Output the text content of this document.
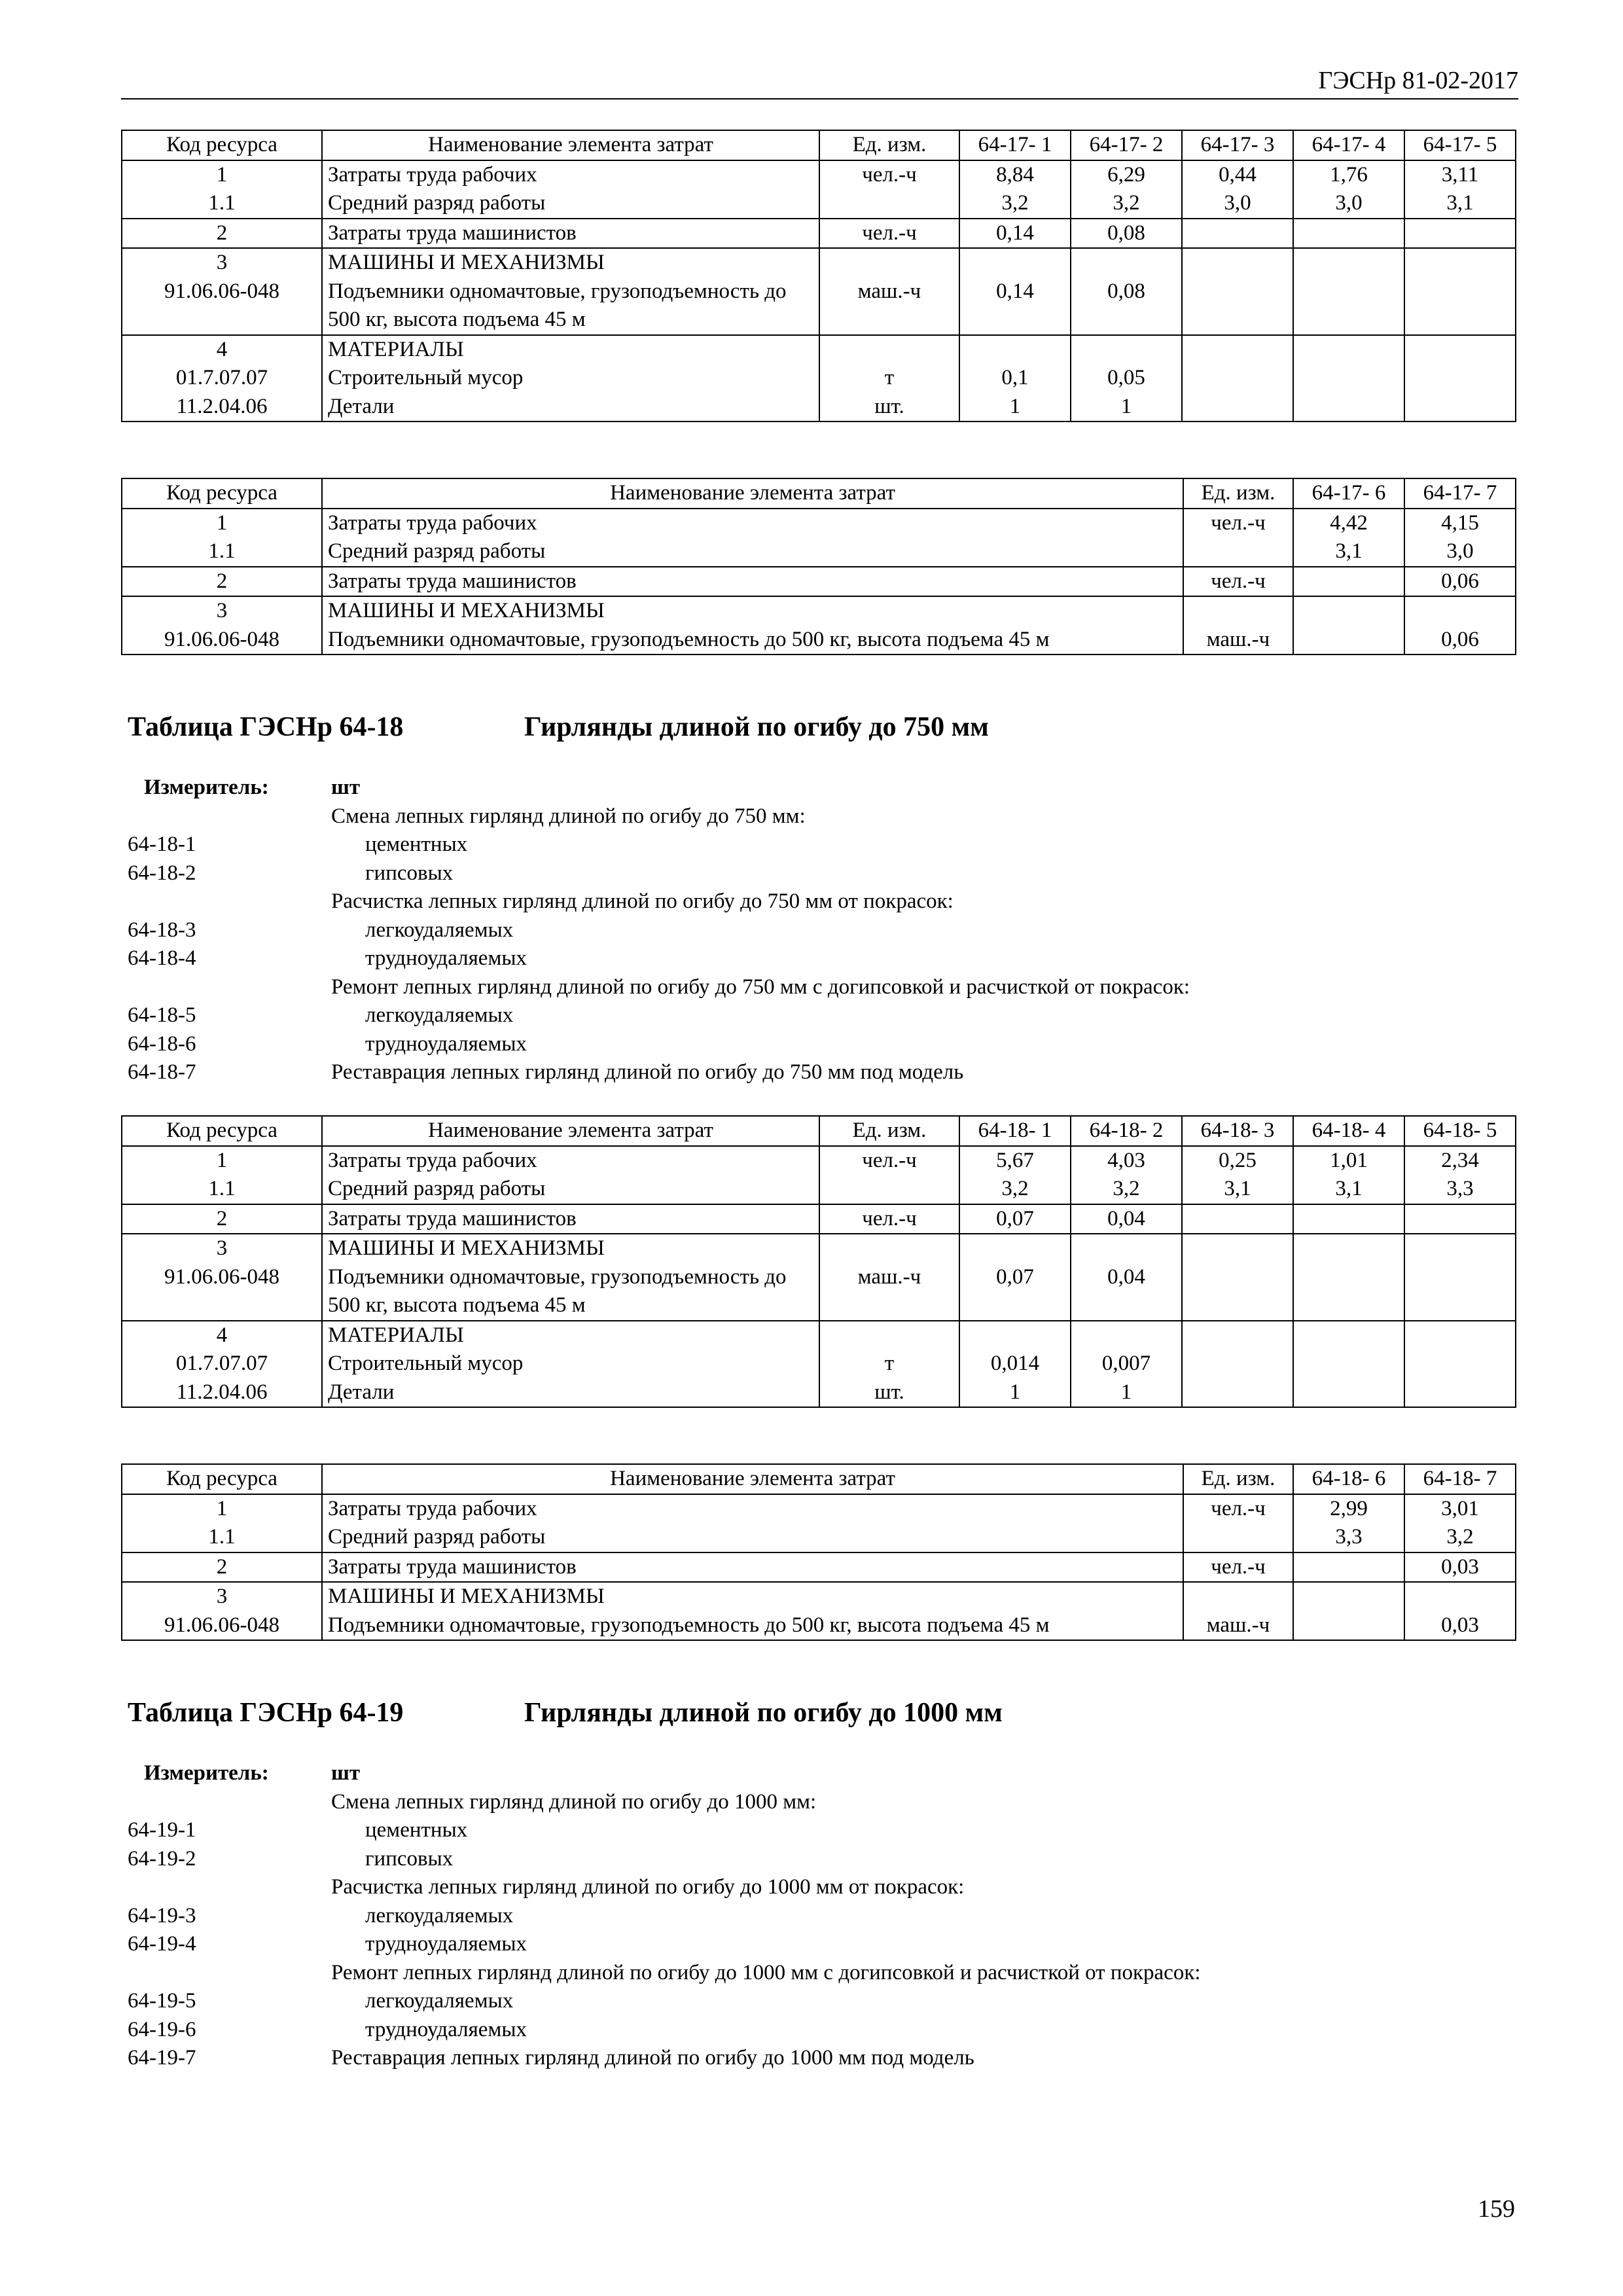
ГЭСНр 81-02-2017
Код ресурса	Наименование элемента затрат	Ед. изм.	64-17- 1	64-17- 2	64-17- 3	64-17- 4	64-17- 5
1	Затраты труда рабочих	чел.-ч	8,84	6,29	0,44	1,76	3,11
1.1	Средний разряд работы		3,2	3,2	3,0	3,0	3,1
2	Затраты труда машинистов	чел.-ч	0,14	0,08			
3	МАШИНЫ И МЕХАНИЗМЫ						
91.06.06-048	Подъемники одномачтовые, грузоподъемность до 500 кг, высота подъема 45 м	маш.-ч	0,14	0,08			
4	МАТЕРИАЛЫ						
01.7.07.07	Строительный мусор	т	0,1	0,05			
11.2.04.06	Детали	шт.	1	1			
Код ресурса	Наименование элемента затрат	Ед. изм.	64-17- 6	64-17- 7
1	Затраты труда рабочих	чел.-ч	4,42	4,15
1.1	Средний разряд работы		3,1	3,0
2	Затраты труда машинистов	чел.-ч		0,06
3	МАШИНЫ И МЕХАНИЗМЫ			
91.06.06-048	Подъемники одномачтовые, грузоподъемность до 500 кг, высота подъема 45 м	маш.-ч		0,06
Таблица ГЭСНр 64-18	Гирлянды длиной по огибу до 750 мм
Измеритель:	шт
Смена лепных гирлянд длиной по огибу до 750 мм:
64-18-1	цементных
64-18-2	гипсовых
Расчистка лепных гирлянд длиной по огибу до 750 мм от покрасок:
64-18-3	легкоудаляемых
64-18-4	трудноудаляемых
Ремонт лепных гирлянд длиной по огибу до 750 мм с догипсовкой и расчисткой от покрасок:
64-18-5	легкоудаляемых
64-18-6	трудноудаляемых
64-18-7	Реставрация лепных гирлянд длиной по огибу до 750 мм под модель
Код ресурса	Наименование элемента затрат	Ед. изм.	64-18- 1	64-18- 2	64-18- 3	64-18- 4	64-18- 5
1	Затраты труда рабочих	чел.-ч	5,67	4,03	0,25	1,01	2,34
1.1	Средний разряд работы		3,2	3,2	3,1	3,1	3,3
2	Затраты труда машинистов	чел.-ч	0,07	0,04			
3	МАШИНЫ И МЕХАНИЗМЫ						
91.06.06-048	Подъемники одномачтовые, грузоподъемность до 500 кг, высота подъема 45 м	маш.-ч	0,07	0,04			
4	МАТЕРИАЛЫ						
01.7.07.07	Строительный мусор	т	0,014	0,007			
11.2.04.06	Детали	шт.	1	1			
Код ресурса	Наименование элемента затрат	Ед. изм.	64-18- 6	64-18- 7
1	Затраты труда рабочих	чел.-ч	2,99	3,01
1.1	Средний разряд работы		3,3	3,2
2	Затраты труда машинистов	чел.-ч		0,03
3	МАШИНЫ И МЕХАНИЗМЫ			
91.06.06-048	Подъемники одномачтовые, грузоподъемность до 500 кг, высота подъема 45 м	маш.-ч		0,03
Таблица ГЭСНр 64-19	Гирлянды длиной по огибу до 1000 мм
Измеритель:	шт
Смена лепных гирлянд длиной по огибу до 1000 мм:
64-19-1	цементных
64-19-2	гипсовых
Расчистка лепных гирлянд длиной по огибу до 1000 мм от покрасок:
64-19-3	легкоудаляемых
64-19-4	трудноудаляемых
Ремонт лепных гирлянд длиной по огибу до 1000 мм с догипсовкой и расчисткой от покрасок:
64-19-5	легкоудаляемых
64-19-6	трудноудаляемых
64-19-7	Реставрация лепных гирлянд длиной по огибу до 1000 мм под модель
159
